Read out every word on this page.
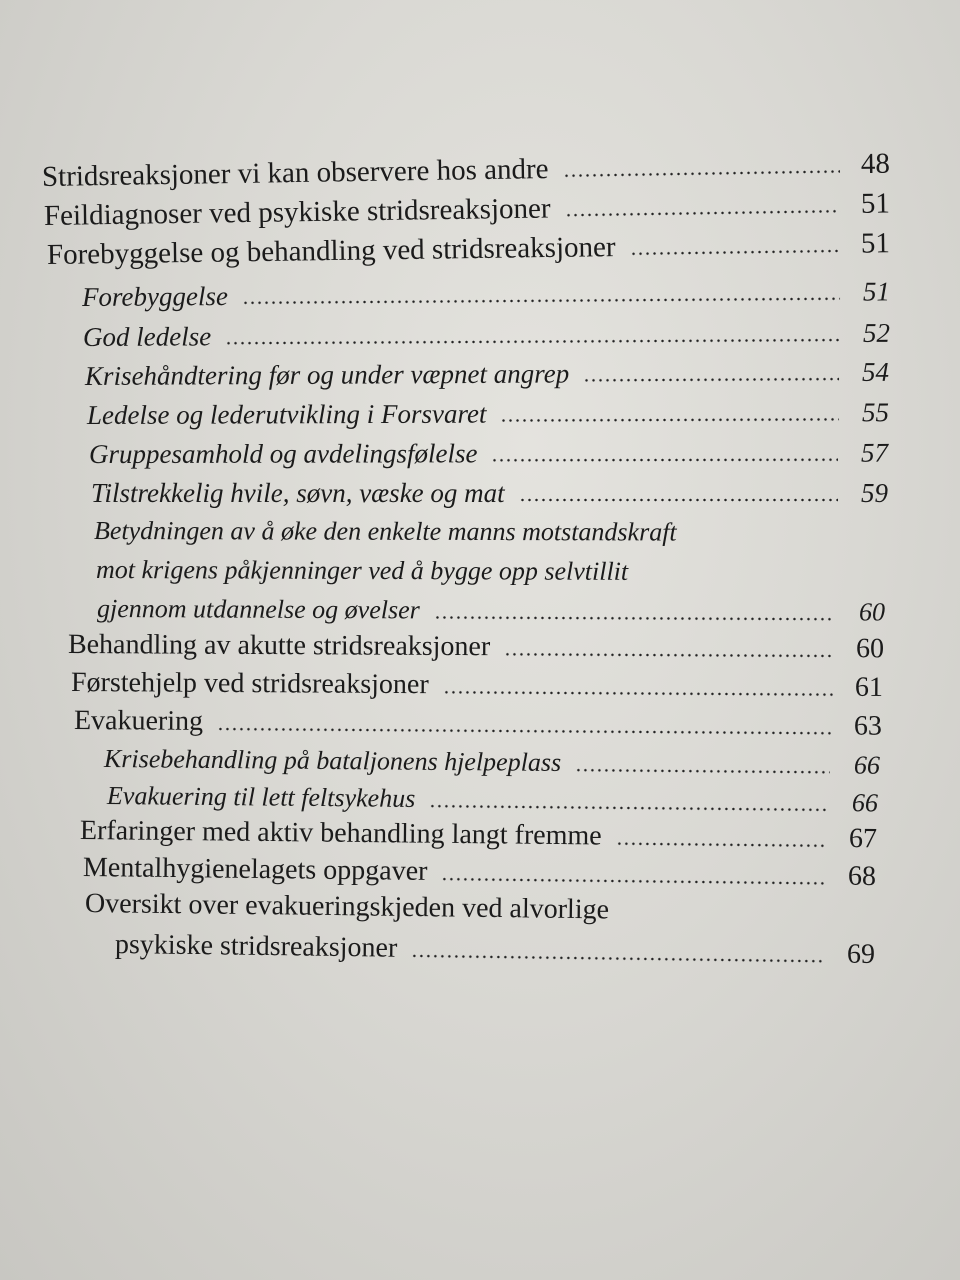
Stridsreaksjoner vi kan observere hos andre	48
Feildiagnoser ved psykiske stridsreaksjoner	51
Forebyggelse og behandling ved stridsreaksjoner	51
Forebyggelse	51
God ledelse	52
Krisehåndtering før og under væpnet angrep	54
Ledelse og lederutvikling i Forsvaret	55
Gruppesamhold og avdelingsfølelse	57
Tilstrekkelig hvile, søvn, væske og mat	59
Betydningen av å øke den enkelte manns motstandskraft
mot krigens påkjenninger ved å bygge opp selvtillit
gjennom utdannelse og øvelser	60
Behandling av akutte stridsreaksjoner	60
Førstehjelp ved stridsreaksjoner	61
Evakuering	63
Krisebehandling på bataljonens hjelpeplass	66
Evakuering til lett feltsykehus	66
Erfaringer med aktiv behandling langt fremme	67
Mentalhygienelagets oppgaver	68
Oversikt over evakueringskjeden ved alvorlige
psykiske stridsreaksjoner	69
